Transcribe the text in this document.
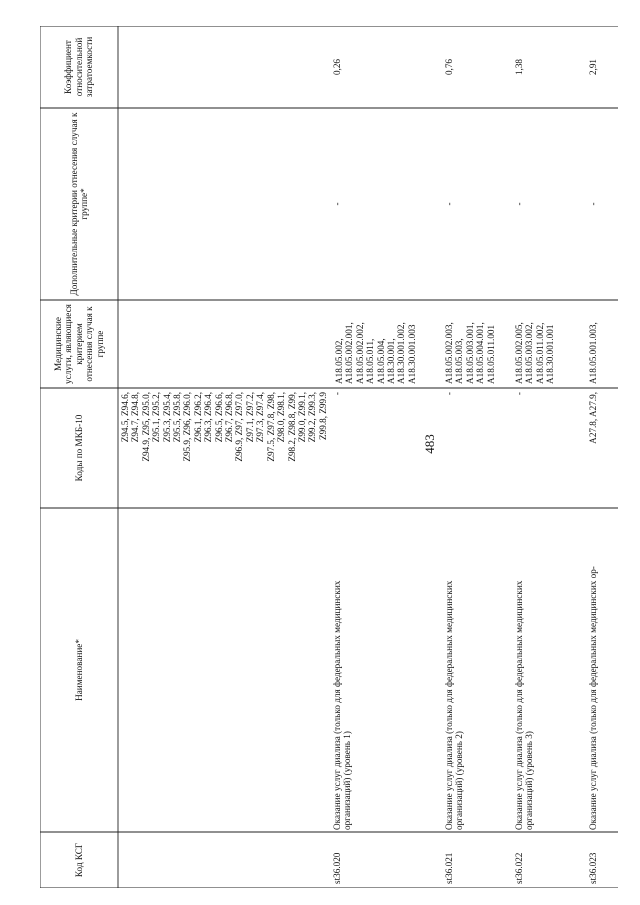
483
Код КСГ
Наименование*
Коды по МКБ-10
Медицинские услуги, являющиеся критерием отнесения случая к группе
Дополнительные критерии отнесения случая к группе*
Коэффициент относительной затратоемкости
Z94.5, Z94.6, Z94.7, Z94.8, Z94.9, Z95, Z95.0, Z95.1, Z95.2, Z95.3, Z95.4, Z95.5, Z95.8, Z95.9, Z96, Z96.0, Z96.1, Z96.2, Z96.3, Z96.4, Z96.5, Z96.6, Z96.7, Z96.8, Z96.9, Z97, Z97.0, Z97.1, Z97.2, Z97.3, Z97.4, Z97.5, Z97.8, Z98, Z98.0, Z98.1, Z98.2, Z98.8, Z99, Z99.0, Z99.1, Z99.2, Z99.3, Z99.8, Z99.9
st36.020
Оказание услуг диализа (только для федеральных медицинских организаций) (уровень 1)
-
A18.05.002, A18.05.002.001, A18.05.002.002, A18.05.011, A18.05.004, A18.30.001, A18.30.001.002, A18.30.001.003
-
0,26
st36.021
Оказание услуг диализа (только для федеральных медицинских организаций) (уровень 2)
-
A18.05.002.003, A18.05.003, A18.05.003.001, A18.05.004.001, A18.05.011.001
-
0,76
st36.022
Оказание услуг диализа (только для федеральных медицинских организаций) (уровень 3)
-
A18.05.002.005, A18.05.003.002, A18.05.011.002, A18.30.001.001
-
1,38
st36.023
Оказание услуг диализа (только для федеральных медицинских ор-
A27.8, A27.9,
A18.05.001.003,
-
2,91
